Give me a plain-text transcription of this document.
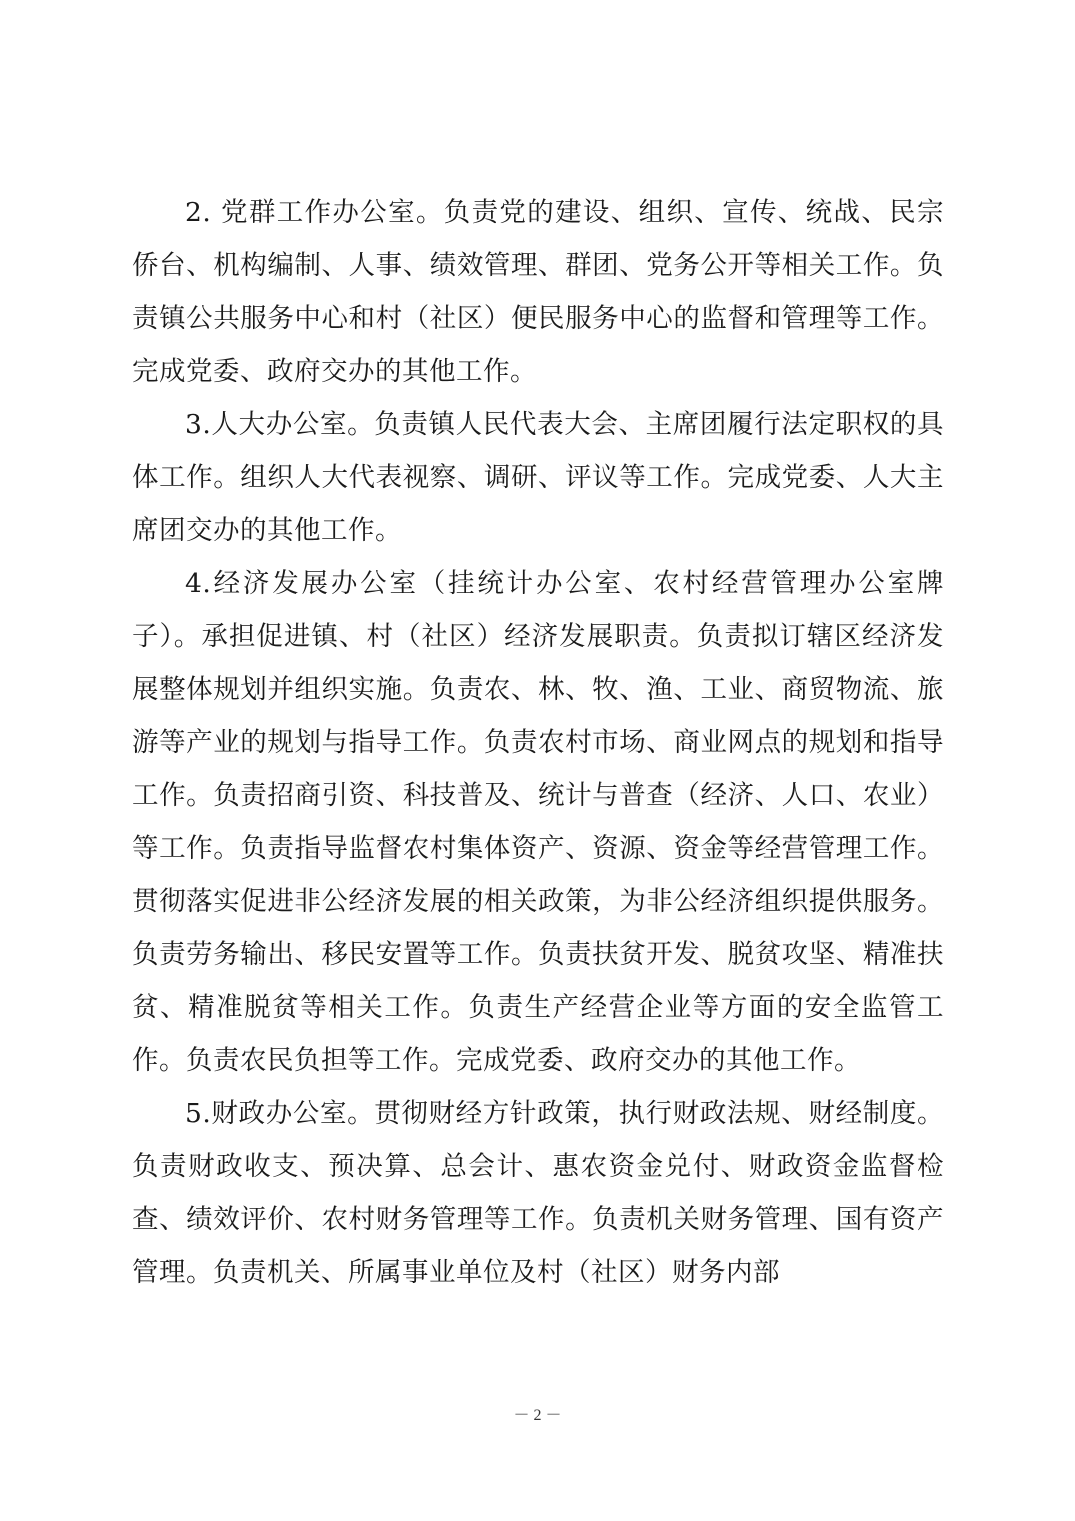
2. 党群工作办公室。负责党的建设、组织、宣传、统战、民宗侨台、机构编制、人事、绩效管理、群团、党务公开等相关工作。负责镇公共服务中心和村（社区）便民服务中心的监督和管理等工作。完成党委、政府交办的其他工作。

3.人大办公室。负责镇人民代表大会、主席团履行法定职权的具体工作。组织人大代表视察、调研、评议等工作。完成党委、人大主席团交办的其他工作。

4.经济发展办公室（挂统计办公室、农村经营管理办公室牌子）。承担促进镇、村（社区）经济发展职责。负责拟订辖区经济发展整体规划并组织实施。负责农、林、牧、渔、工业、商贸物流、旅游等产业的规划与指导工作。负责农村市场、商业网点的规划和指导工作。负责招商引资、科技普及、统计与普查（经济、人口、农业）等工作。负责指导监督农村集体资产、资源、资金等经营管理工作。贯彻落实促进非公经济发展的相关政策，为非公经济组织提供服务。负责劳务输出、移民安置等工作。负责扶贫开发、脱贫攻坚、精准扶贫、精准脱贫等相关工作。负责生产经营企业等方面的安全监管工作。负责农民负担等工作。完成党委、政府交办的其他工作。

5.财政办公室。贯彻财经方针政策，执行财政法规、财经制度。负责财政收支、预决算、总会计、惠农资金兑付、财政资金监督检查、绩效评价、农村财务管理等工作。负责机关财务管理、国有资产管理。负责机关、所属事业单位及村（社区）财务内部

－ 2 －
